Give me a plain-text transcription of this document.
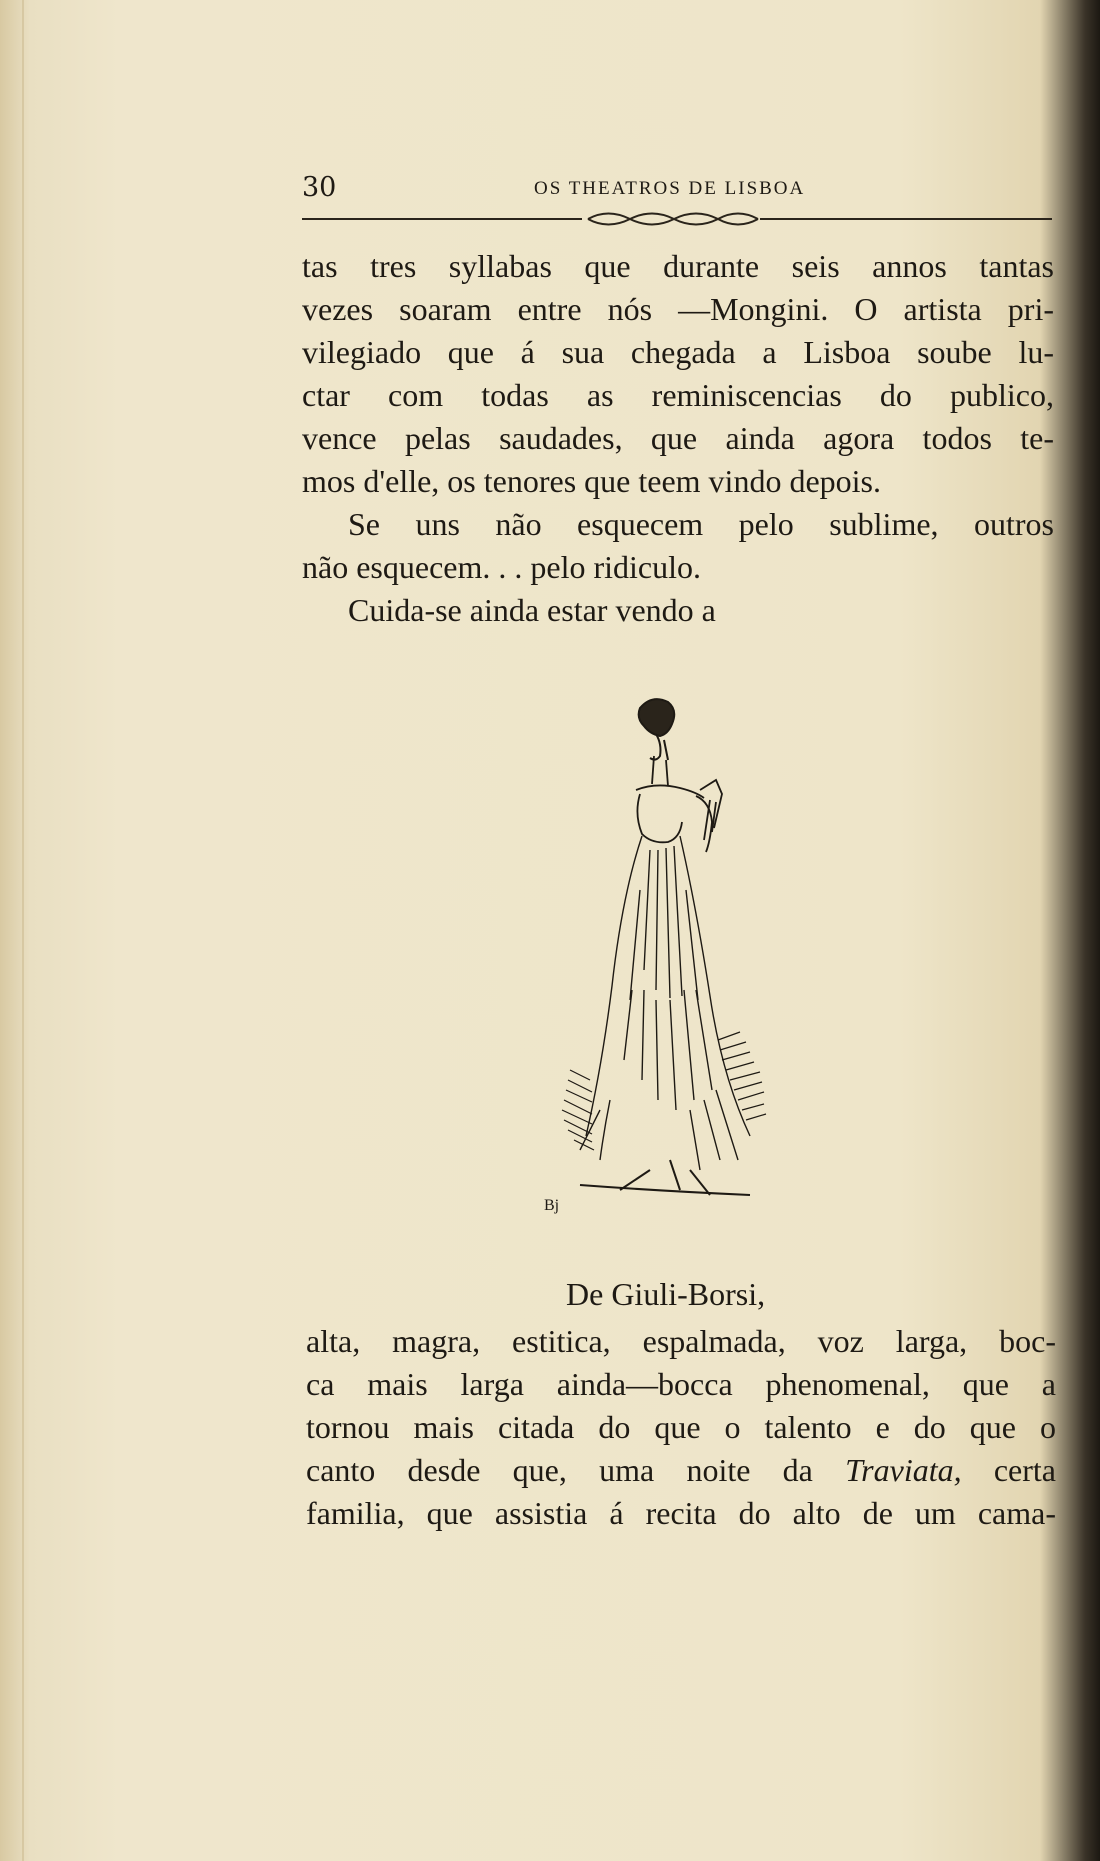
30	OS THEATROS DE LISBOA

tas tres syllabas que durante seis annos tantas
vezes soaram entre nós —Mongini. O artista pri-
vilegiado que á sua chegada a Lisboa soube lu-
ctar com todas as reminiscencias do publico,
vence pelas saudades, que ainda agora todos te-
mos d'elle, os tenores que teem vindo depois.

Se uns não esquecem pelo sublime, outros
não esquecem. . . pelo ridiculo.

Cuida-se ainda estar vendo a

Bj

De Giuli-Borsi,

alta, magra, estitica, espalmada, voz larga, boc-
ca mais larga ainda—bocca phenomenal, que a
tornou mais citada do que o talento e do que o
canto desde que, uma noite da Traviata, certa
familia, que assistia á recita do alto de um cama-
